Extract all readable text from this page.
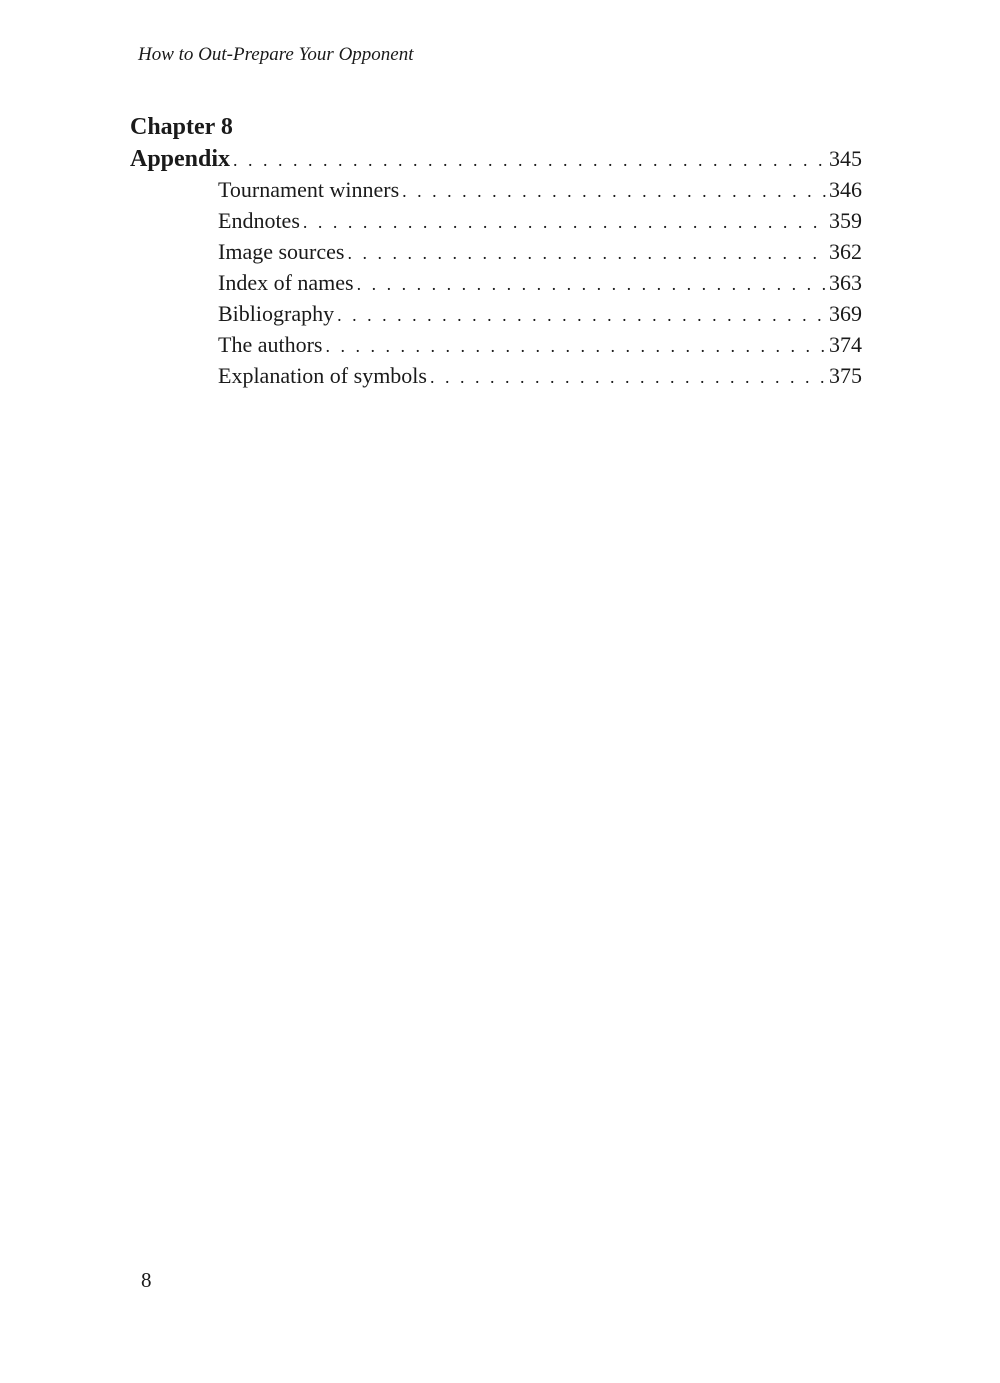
How to Out-Prepare Your Opponent
Chapter 8
Appendix . . .	345
Tournament winners . . .	346
Endnotes . . .	359
Image sources . . .	362
Index of names . . .	363
Bibliography . . .	369
The authors . . .	374
Explanation of symbols . . .	375
8
